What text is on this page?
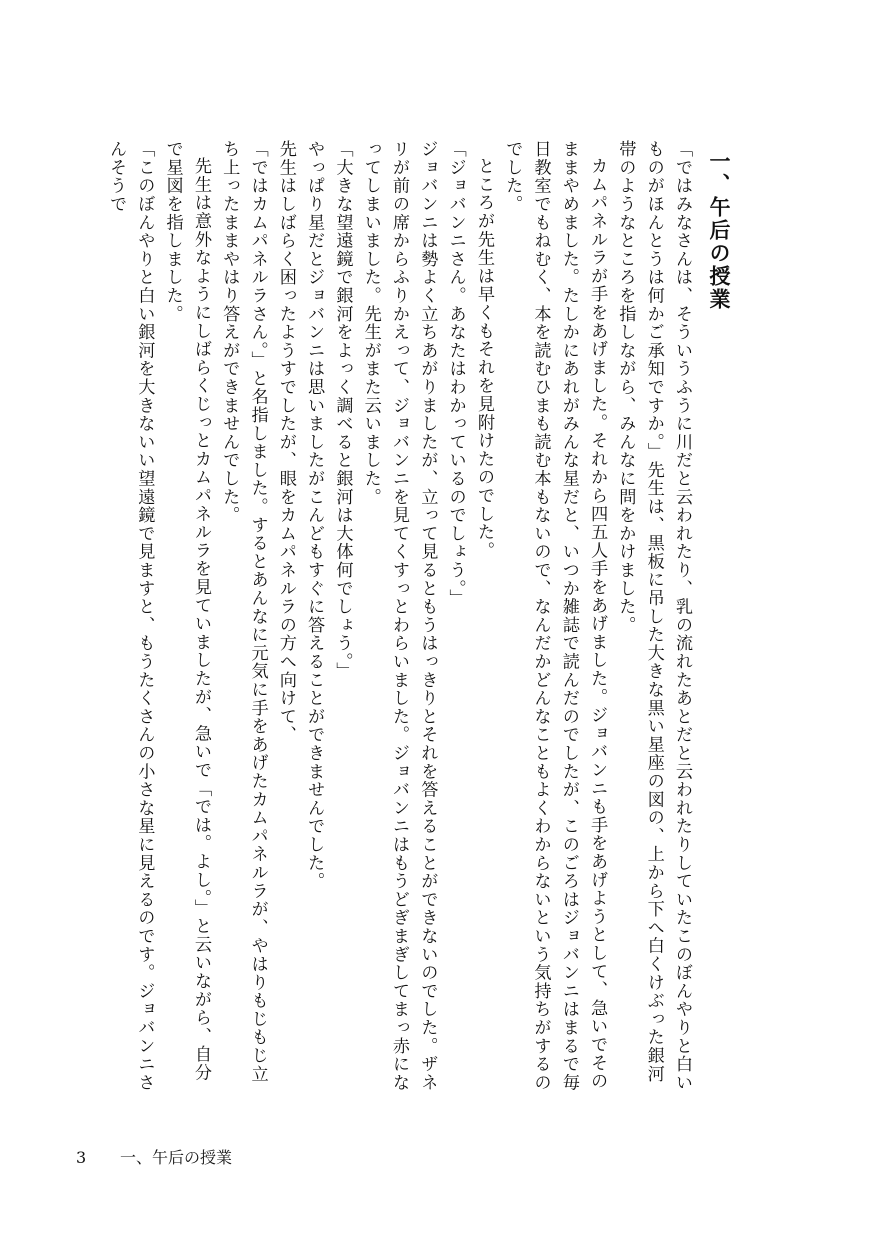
一、午后の授業

「ではみなさんは、そういうふうに川だと云われたり、乳の流れたあとだと云われたりしていたこのぼんやりと白いものがほんとうは何かご承知ですか。」先生は、黒板に吊した大きな黒い星座の図の、上から下へ白くけぶった銀河帯のようなところを指しながら、みんなに問をかけました。

カムパネルラが手をあげました。それから四五人手をあげました。ジョバンニも手をあげようとして、急いでそのままやめました。たしかにあれがみんな星だと、いつか雑誌で読んだのでしたが、このごろはジョバンニはまるで毎日教室でもねむく、本を読むひまも読む本もないので、なんだかどんなこともよくわからないという気持ちがするのでした。

ところが先生は早くもそれを見附けたのでした。

「ジョバンニさん。あなたはわかっているのでしょう。」

ジョバンニは勢よく立ちあがりましたが、立って見るともうはっきりとそれを答えることができないのでした。ザネリが前の席からふりかえって、ジョバンニを見てくすっとわらいました。ジョバンニはもうどぎまぎしてまっ赤になってしまいました。先生がまた云いました。

「大きな望遠鏡で銀河をよっく調べると銀河は大体何でしょう。」

やっぱり星だとジョバンニは思いましたがこんどもすぐに答えることができませんでした。

先生はしばらく困ったようすでしたが、眼をカムパネルラの方へ向けて、

「ではカムパネルラさん。」と名指しました。するとあんなに元気に手をあげたカムパネルラが、やはりもじもじ立ち上ったままやはり答えができませんでした。

先生は意外なようにしばらくじっとカムパネルラを見ていましたが、急いで「では。よし。」と云いながら、自分で星図を指しました。

「このぼんやりと白い銀河を大きないい望遠鏡で見ますと、もうたくさんの小さな星に見えるのです。ジョバンニさんそうで

3 一、午后の授業
